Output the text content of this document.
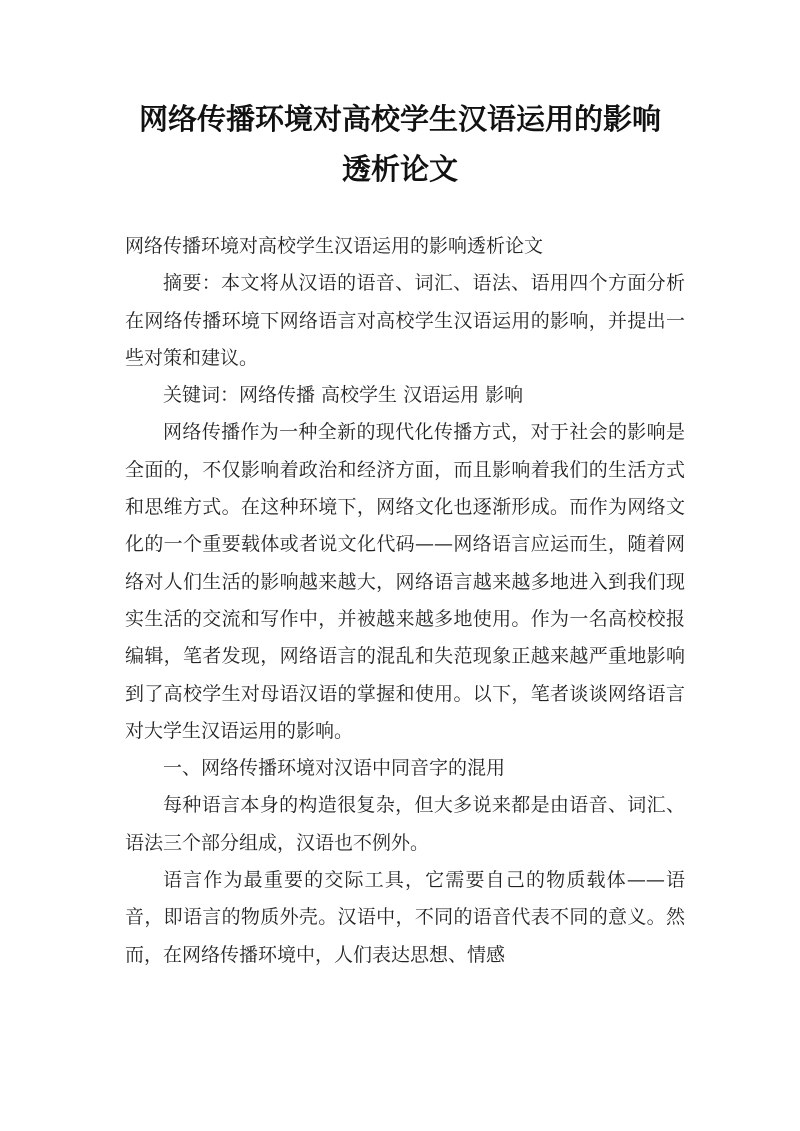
网络传播环境对高校学生汉语运用的影响
透析论文

网络传播环境对高校学生汉语运用的影响透析论文

摘要：本文将从汉语的语音、词汇、语法、语用四个方面分析在网络传播环境下网络语言对高校学生汉语运用的影响，并提出一些对策和建议。

关键词：网络传播 高校学生 汉语运用 影响

网络传播作为一种全新的现代化传播方式，对于社会的影响是全面的，不仅影响着政治和经济方面，而且影响着我们的生活方式和思维方式。在这种环境下，网络文化也逐渐形成。而作为网络文化的一个重要载体或者说文化代码——网络语言应运而生，随着网络对人们生活的影响越来越大，网络语言越来越多地进入到我们现实生活的交流和写作中，并被越来越多地使用。作为一名高校校报编辑，笔者发现，网络语言的混乱和失范现象正越来越严重地影响到了高校学生对母语汉语的掌握和使用。以下，笔者谈谈网络语言对大学生汉语运用的影响。

一、网络传播环境对汉语中同音字的混用

每种语言本身的构造很复杂，但大多说来都是由语音、词汇、语法三个部分组成，汉语也不例外。

语言作为最重要的交际工具，它需要自己的物质载体——语音，即语言的物质外壳。汉语中，不同的语音代表不同的意义。然而，在网络传播环境中，人们表达思想、情感
